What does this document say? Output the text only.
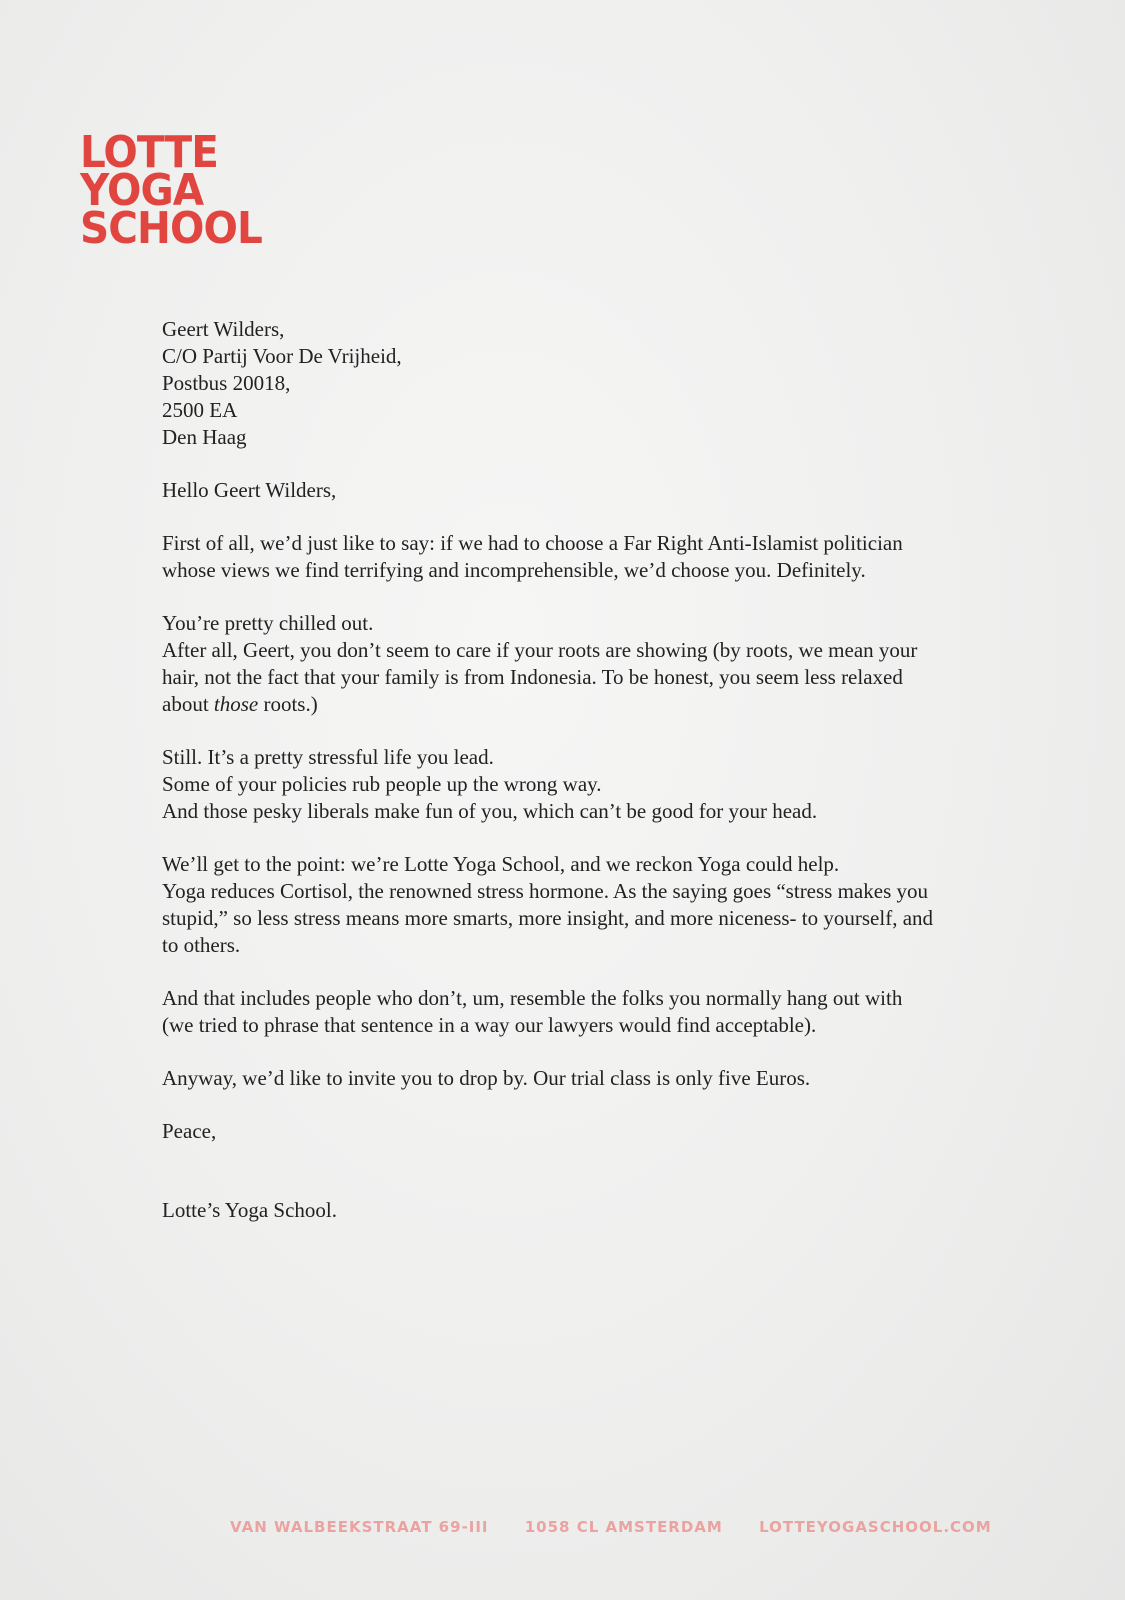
LOTTE
YOGA
SCHOOL
Geert Wilders,
C/O Partij Voor De Vrijheid,
Postbus 20018,
2500 EA
Den Haag

Hello Geert Wilders,

First of all, we’d just like to say: if we had to choose a Far Right Anti-Islamist politician
whose views we find terrifying and incomprehensible, we’d choose you. Definitely.

You’re pretty chilled out.
After all, Geert, you don’t seem to care if your roots are showing (by roots, we mean your
hair, not the fact that your family is from Indonesia. To be honest, you seem less relaxed
about those roots.)

Still. It’s a pretty stressful life you lead.
Some of your policies rub people up the wrong way.
And those pesky liberals make fun of you, which can’t be good for your head.

We’ll get to the point: we’re Lotte Yoga School, and we reckon Yoga could help.
Yoga reduces Cortisol, the renowned stress hormone. As the saying goes “stress makes you
stupid,” so less stress means more smarts, more insight, and more niceness- to yourself, and
to others.

And that includes people who don’t, um, resemble the folks you normally hang out with
(we tried to phrase that sentence in a way our lawyers would find acceptable).

Anyway, we’d like to invite you to drop by. Our trial class is only five Euros.

Peace,

Lotte’s Yoga School.

VAN WALBEEKSTRAAT 69-III 1058 CL AMSTERDAM LOTTEYOGASCHOOL.COM
